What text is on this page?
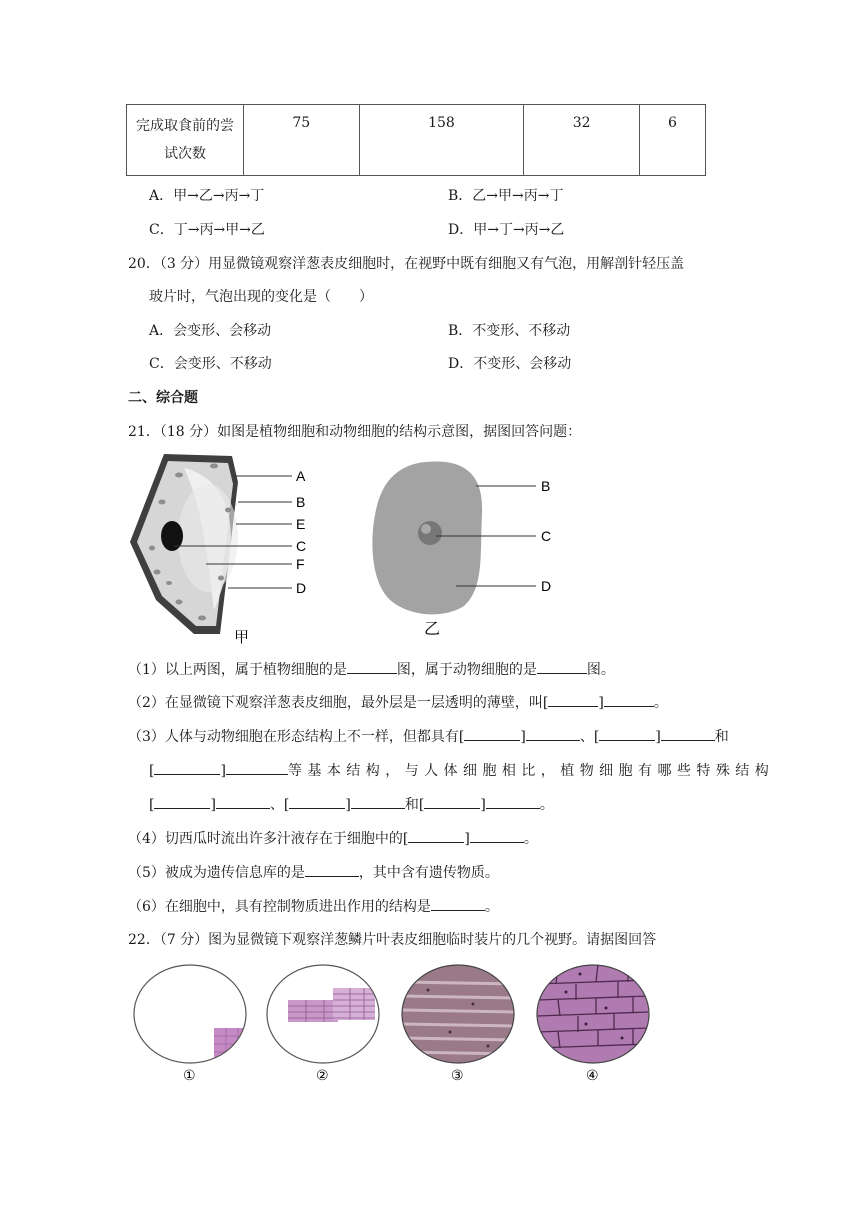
完成取食前的尝
试次数
	75	158	32	6
A．甲→乙→丙→丁	B．乙→甲→丙→丁
C．丁→丙→甲→乙	D．甲→丁→丙→乙
20．（3 分）用显微镜观察洋葱表皮细胞时，在视野中既有细胞又有气泡，用解剖针轻压盖
玻片时，气泡出现的变化是（　　）
A．会变形、会移动	B．不变形、不移动
C．会变形、不移动	D．不变形、会移动
二、综合题
21．（18 分）如图是植物细胞和动物细胞的结构示意图，据图回答问题：
A
B
E
C
F
D
甲
B
C
D
乙
（1）以上两图，属于植物细胞的是	图，属于动物细胞的是	图。
（2）在显微镜下观察洋葱表皮细胞，最外层是一层透明的薄壁，叫[	]	。
（3）人体与动物细胞在形态结构上不一样，但都具有[	]	、[	]	和
[	]	等 基 本 结 构 ， 与 人 体 细 胞 相 比 ， 植 物 细 胞 有 哪 些 特 殊 结 构
[	]	、[	]	和[	]	。
（4）切西瓜时流出许多汁液存在于细胞中的[	]	。
（5）被成为遗传信息库的是	，其中含有遗传物质。
（6）在细胞中，具有控制物质进出作用的结构是	。
22．（7 分）图为显微镜下观察洋葱鳞片叶表皮细胞临时装片的几个视野。请据图回答
①	②	③	④
